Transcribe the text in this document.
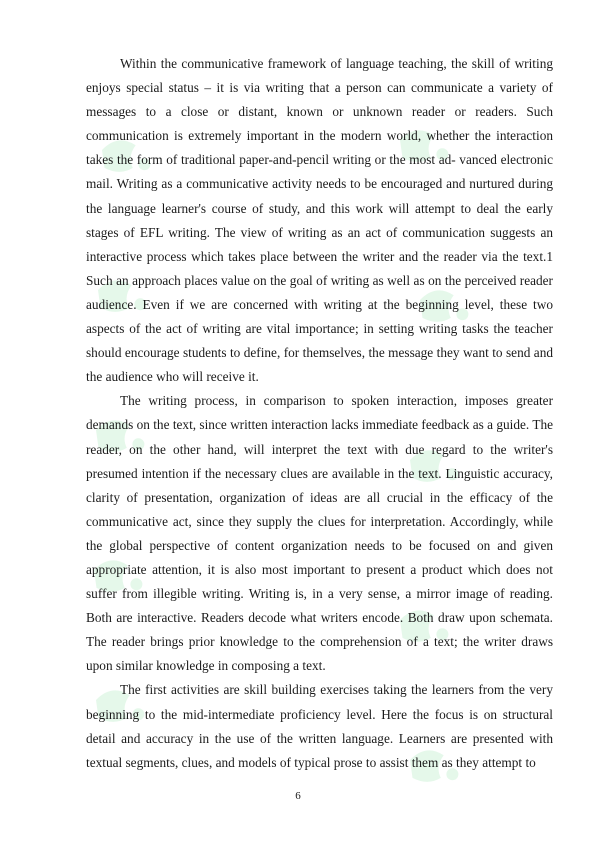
Within the communicative framework of language teaching, the skill of writing enjoys special status – it is via writing that a person can communicate a variety of messages to a close or distant, known or unknown reader or readers. Such communication is extremely important in the modern world, whether the interaction takes the form of traditional paper-and-pencil writing or the most ad- vanced electronic mail. Writing as a communicative activity needs to be encouraged and nurtured during the language learner's course of study, and this work will attempt to deal the early stages of EFL writing. The view of writing as an act of communication suggests an interactive process which takes place between the writer and the reader via the text.1 Such an approach places value on the goal of writing as well as on the perceived reader audience. Even if we are concerned with writing at the beginning level, these two aspects of the act of writing are vital importance; in setting writing tasks the teacher should encourage students to define, for themselves, the message they want to send and the audience who will receive it.

The writing process, in comparison to spoken interaction, imposes greater demands on the text, since written interaction lacks immediate feedback as a guide. The reader, on the other hand, will interpret the text with due regard to the writer's presumed intention if the necessary clues are available in the text. Linguistic accuracy, clarity of presentation, organization of ideas are all crucial in the efficacy of the communicative act, since they supply the clues for interpretation. Accordingly, while the global perspective of content organization needs to be focused on and given appropriate attention, it is also most important to present a product which does not suffer from illegible writing. Writing is, in a very sense, a mirror image of reading. Both are interactive. Readers decode what writers encode. Both draw upon schemata. The reader brings prior knowledge to the comprehension of a text; the writer draws upon similar knowledge in composing a text.

The first activities are skill building exercises taking the learners from the very beginning to the mid-intermediate proficiency level. Here the focus is on structural detail and accuracy in the use of the written language. Learners are presented with textual segments, clues, and models of typical prose to assist them as they attempt to

6
